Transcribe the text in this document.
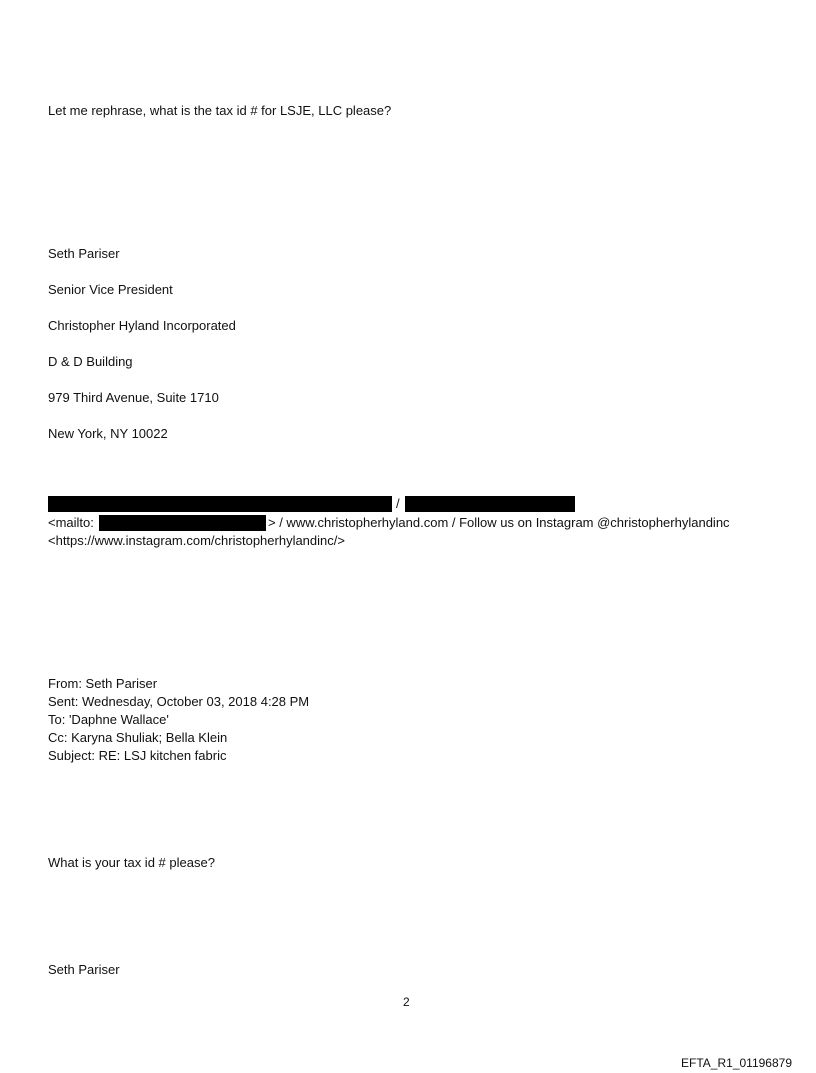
Let me rephrase, what is the tax id # for LSJE, LLC please?
Seth Pariser
Senior Vice President
Christopher Hyland Incorporated
D & D Building
979 Third Avenue, Suite 1710
New York, NY 10022
/
<mailto:	> / www.christopherhyland.com / Follow us on Instagram @christopherhylandinc
<https://www.instagram.com/christopherhylandinc/>
From: Seth Pariser
Sent: Wednesday, October 03, 2018 4:28 PM
To: 'Daphne Wallace'
Cc: Karyna Shuliak; Bella Klein
Subject: RE: LSJ kitchen fabric
What is your tax id # please?
Seth Pariser
2
EFTA_R1_01196879
